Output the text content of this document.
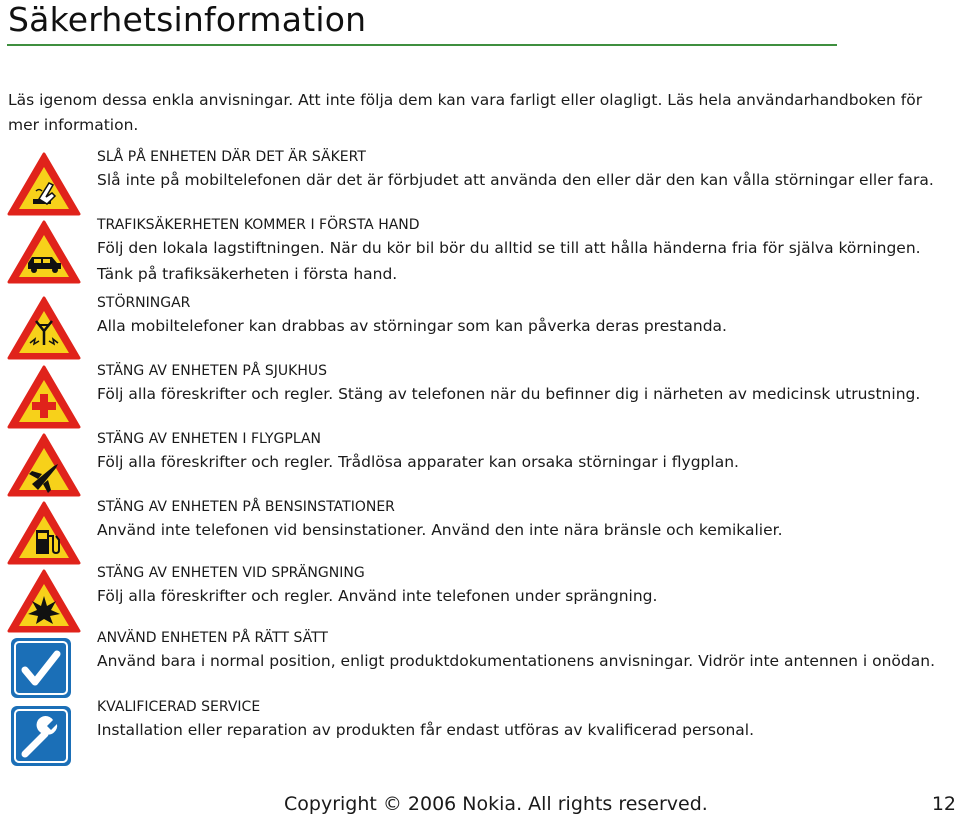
Säkerhetsinformation
Läs igenom dessa enkla anvisningar. Att inte följa dem kan vara farligt eller olagligt. Läs hela användarhandboken för mer information.
SLÅ PÅ ENHETEN DÄR DET ÄR SÄKERT
Slå inte på mobiltelefonen där det är förbjudet att använda den eller där den kan vålla störningar eller fara.
TRAFIKSÄKERHETEN KOMMER I FÖRSTA HAND
Följ den lokala lagstiftningen. När du kör bil bör du alltid se till att hålla händerna fria för själva körningen. Tänk på trafiksäkerheten i första hand.
STÖRNINGAR
Alla mobiltelefoner kan drabbas av störningar som kan påverka deras prestanda.
STÄNG AV ENHETEN PÅ SJUKHUS
Följ alla föreskrifter och regler. Stäng av telefonen när du befinner dig i närheten av medicinsk utrustning.
STÄNG AV ENHETEN I FLYGPLAN
Följ alla föreskrifter och regler. Trådlösa apparater kan orsaka störningar i flygplan.
STÄNG AV ENHETEN PÅ BENSINSTATIONER
Använd inte telefonen vid bensinstationer. Använd den inte nära bränsle och kemikalier.
STÄNG AV ENHETEN VID SPRÄNGNING
Följ alla föreskrifter och regler. Använd inte telefonen under sprängning.
ANVÄND ENHETEN PÅ RÄTT SÄTT
Använd bara i normal position, enligt produktdokumentationens anvisningar. Vidrör inte antennen i onödan.
KVALIFICERAD SERVICE
Installation eller reparation av produkten får endast utföras av kvalificerad personal.
Copyright © 2006 Nokia. All rights reserved.	12
